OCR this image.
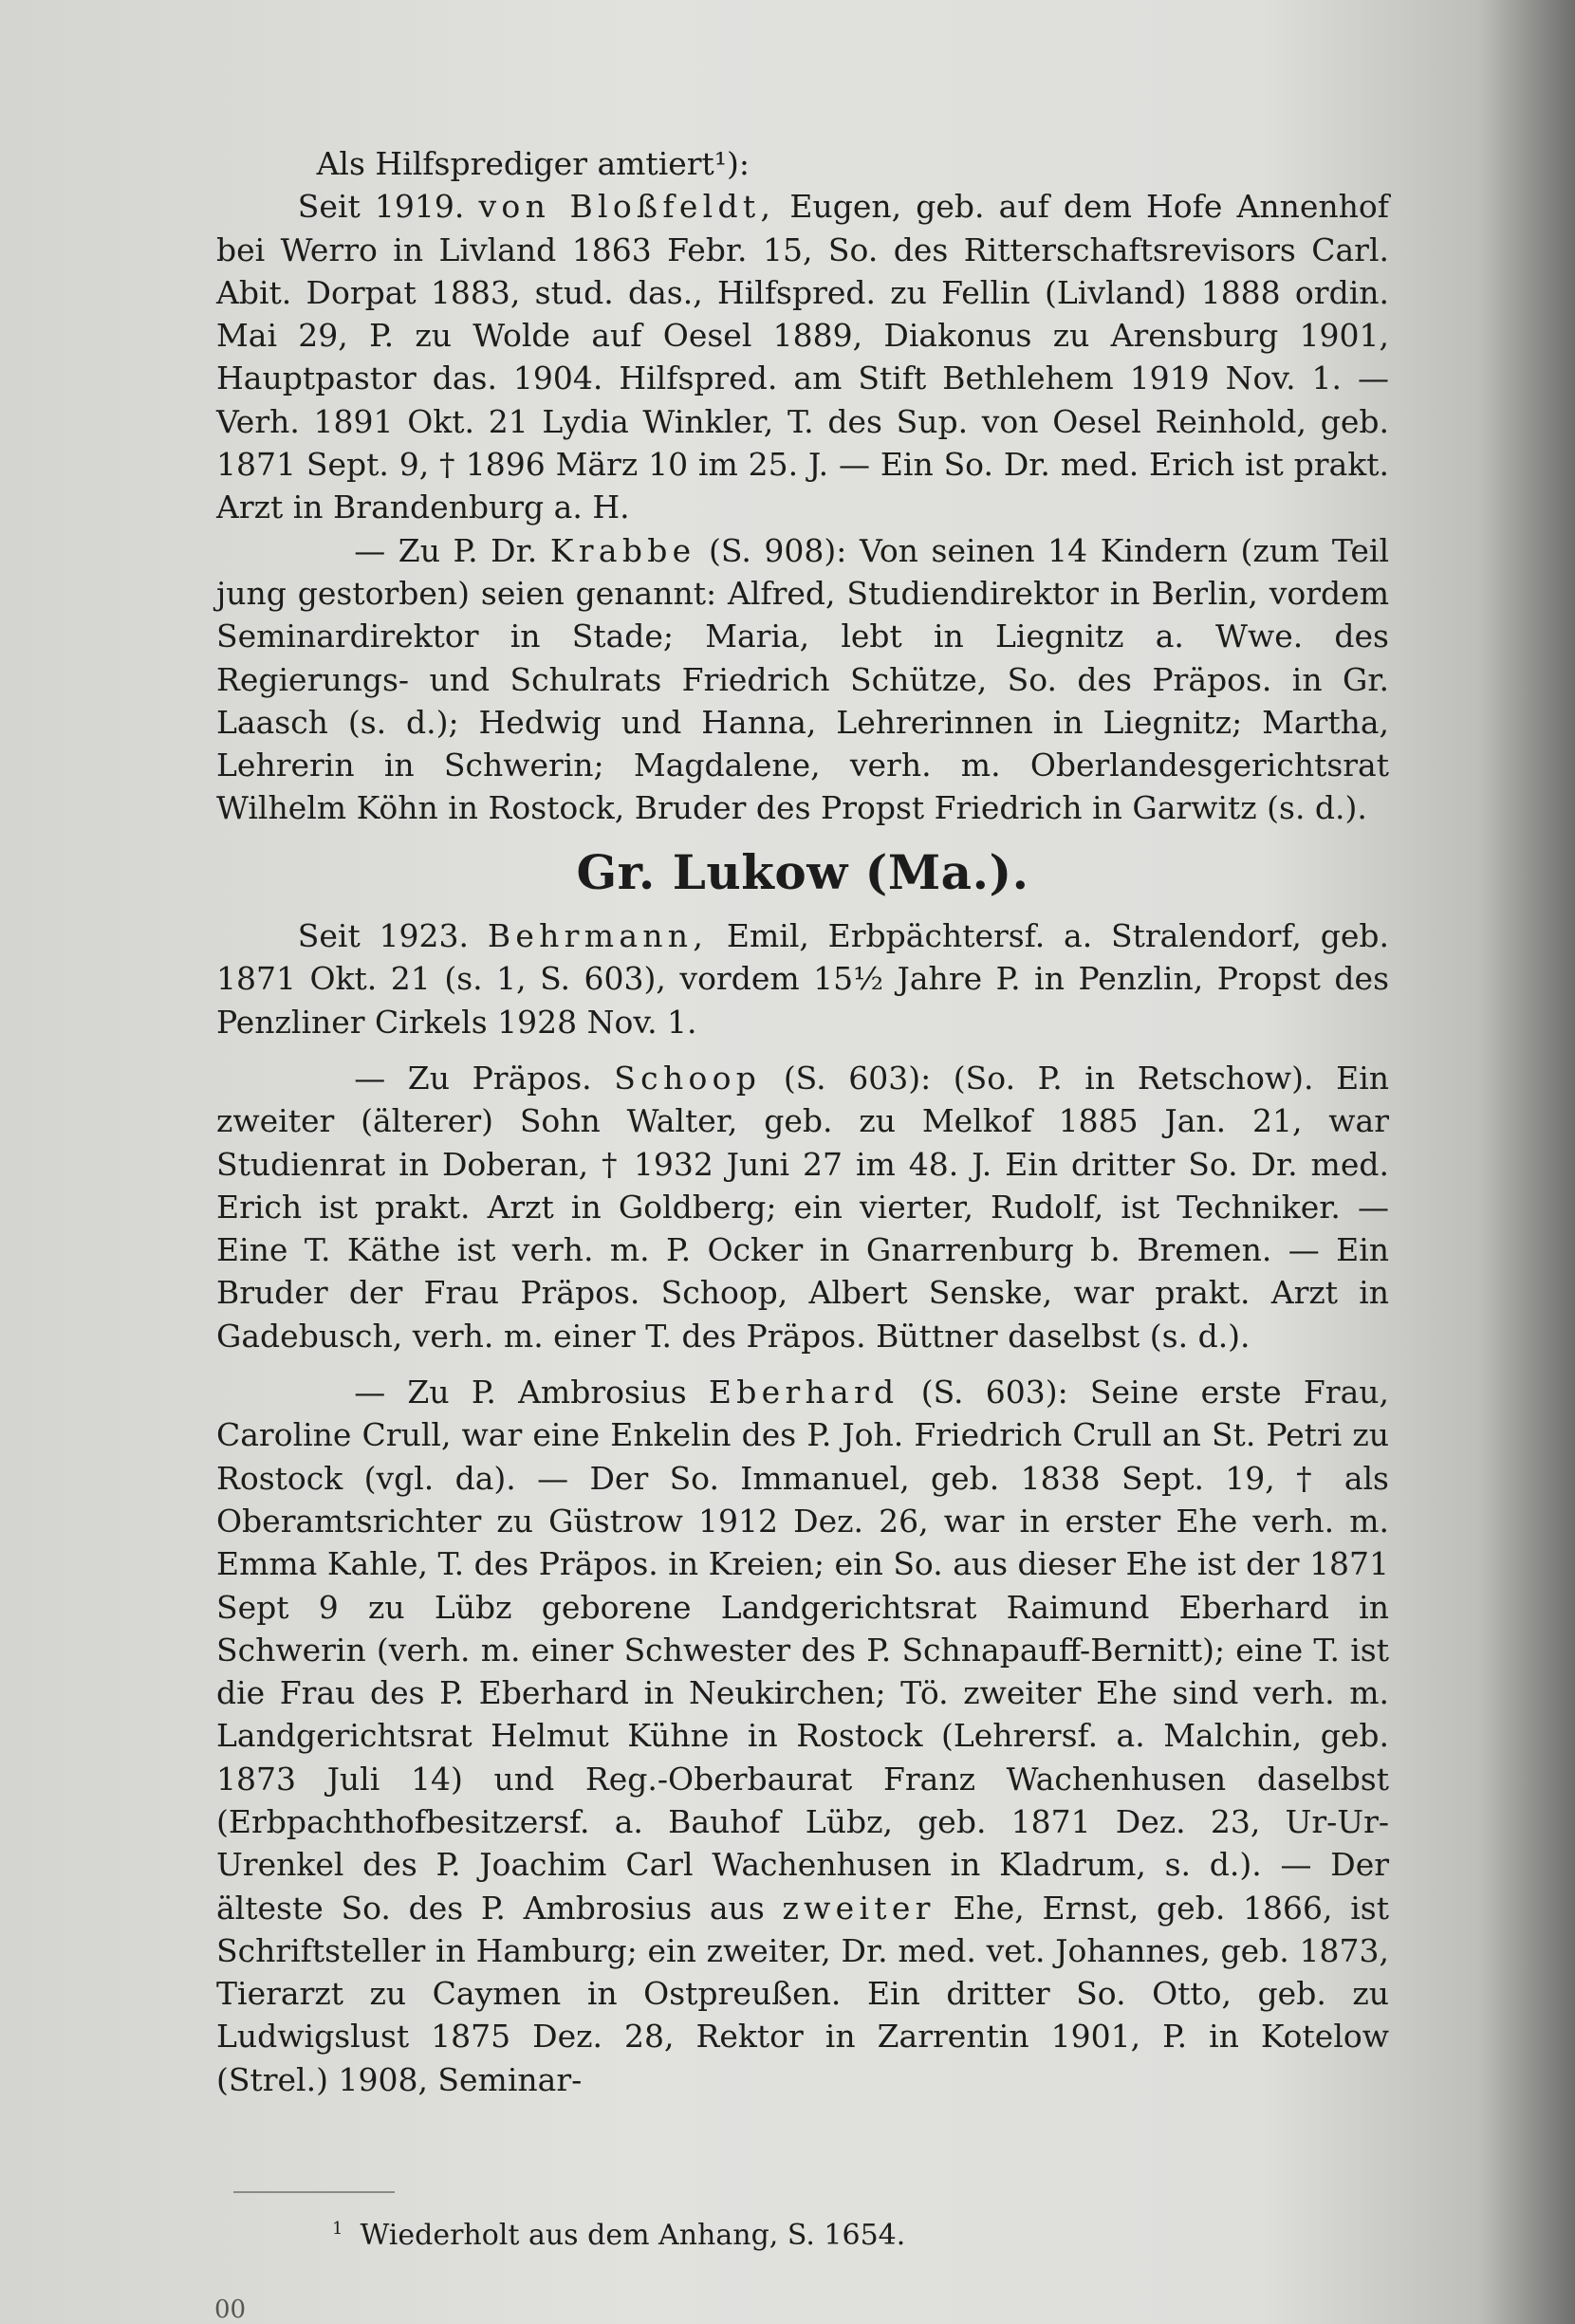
Als Hilfsprediger amtiert¹):

Seit 1919. von Bloßfeldt, Eugen, geb. auf dem Hofe Annenhof bei Werro in Livland 1863 Febr. 15, So. des Ritterschaftsrevisors Carl. Abit. Dorpat 1883, stud. das., Hilfspred. zu Fellin (Livland) 1888 ordin. Mai 29, P. zu Wolde auf Oesel 1889, Diakonus zu Arensburg 1901, Hauptpastor das. 1904. Hilfspred. am Stift Bethlehem 1919 Nov. 1. — Verh. 1891 Okt. 21 Lydia Winkler, T. des Sup. von Oesel Reinhold, geb. 1871 Sept. 9, † 1896 März 10 im 25. J. — Ein So. Dr. med. Erich ist prakt. Arzt in Brandenburg a. H.

— Zu P. Dr. Krabbe (S. 908): Von seinen 14 Kindern (zum Teil jung gestorben) seien genannt: Alfred, Studiendirektor in Berlin, vordem Seminardirektor in Stade; Maria, lebt in Liegnitz a. Wwe. des Regierungs- und Schulrats Friedrich Schütze, So. des Präpos. in Gr. Laasch (s. d.); Hedwig und Hanna, Lehrerinnen in Liegnitz; Martha, Lehrerin in Schwerin; Magdalene, verh. m. Oberlandesgerichtsrat Wilhelm Köhn in Rostock, Bruder des Propst Friedrich in Garwitz (s. d.).

Gr. Lukow (Ma.).

Seit 1923. Behrmann, Emil, Erbpächtersf. a. Stralendorf, geb. 1871 Okt. 21 (s. 1, S. 603), vordem 15½ Jahre P. in Penzlin, Propst des Penzliner Cirkels 1928 Nov. 1.

— Zu Präpos. Schoop (S. 603): (So. P. in Retschow). Ein zweiter (älterer) Sohn Walter, geb. zu Melkof 1885 Jan. 21, war Studienrat in Doberan, † 1932 Juni 27 im 48. J. Ein dritter So. Dr. med. Erich ist prakt. Arzt in Goldberg; ein vierter, Rudolf, ist Techniker. — Eine T. Käthe ist verh. m. P. Ocker in Gnarrenburg b. Bremen. — Ein Bruder der Frau Präpos. Schoop, Albert Senske, war prakt. Arzt in Gadebusch, verh. m. einer T. des Präpos. Büttner daselbst (s. d.).

— Zu P. Ambrosius Eberhard (S. 603): Seine erste Frau, Caroline Crull, war eine Enkelin des P. Joh. Friedrich Crull an St. Petri zu Rostock (vgl. da). — Der So. Immanuel, geb. 1838 Sept. 19, † als Oberamtsrichter zu Güstrow 1912 Dez. 26, war in erster Ehe verh. m. Emma Kahle, T. des Präpos. in Kreien; ein So. aus dieser Ehe ist der 1871 Sept 9 zu Lübz geborene Landgerichtsrat Raimund Eberhard in Schwerin (verh. m. einer Schwester des P. Schnapauff-Bernitt); eine T. ist die Frau des P. Eberhard in Neukirchen; Tö. zweiter Ehe sind verh. m. Landgerichtsrat Helmut Kühne in Rostock (Lehrersf. a. Malchin, geb. 1873 Juli 14) und Reg.-Oberbaurat Franz Wachenhusen daselbst (Erbpachthofbesitzersf. a. Bauhof Lübz, geb. 1871 Dez. 23, Ur-Ur-Urenkel des P. Joachim Carl Wachenhusen in Kladrum, s. d.). — Der älteste So. des P. Ambrosius aus zweiter Ehe, Ernst, geb. 1866, ist Schriftsteller in Hamburg; ein zweiter, Dr. med. vet. Johannes, geb. 1873, Tierarzt zu Caymen in Ostpreußen. Ein dritter So. Otto, geb. zu Ludwigslust 1875 Dez. 28, Rektor in Zarrentin 1901, P. in Kotelow (Strel.) 1908, Seminar-

$^1$ Wiederholt aus dem Anhang, S. 1654.
00
